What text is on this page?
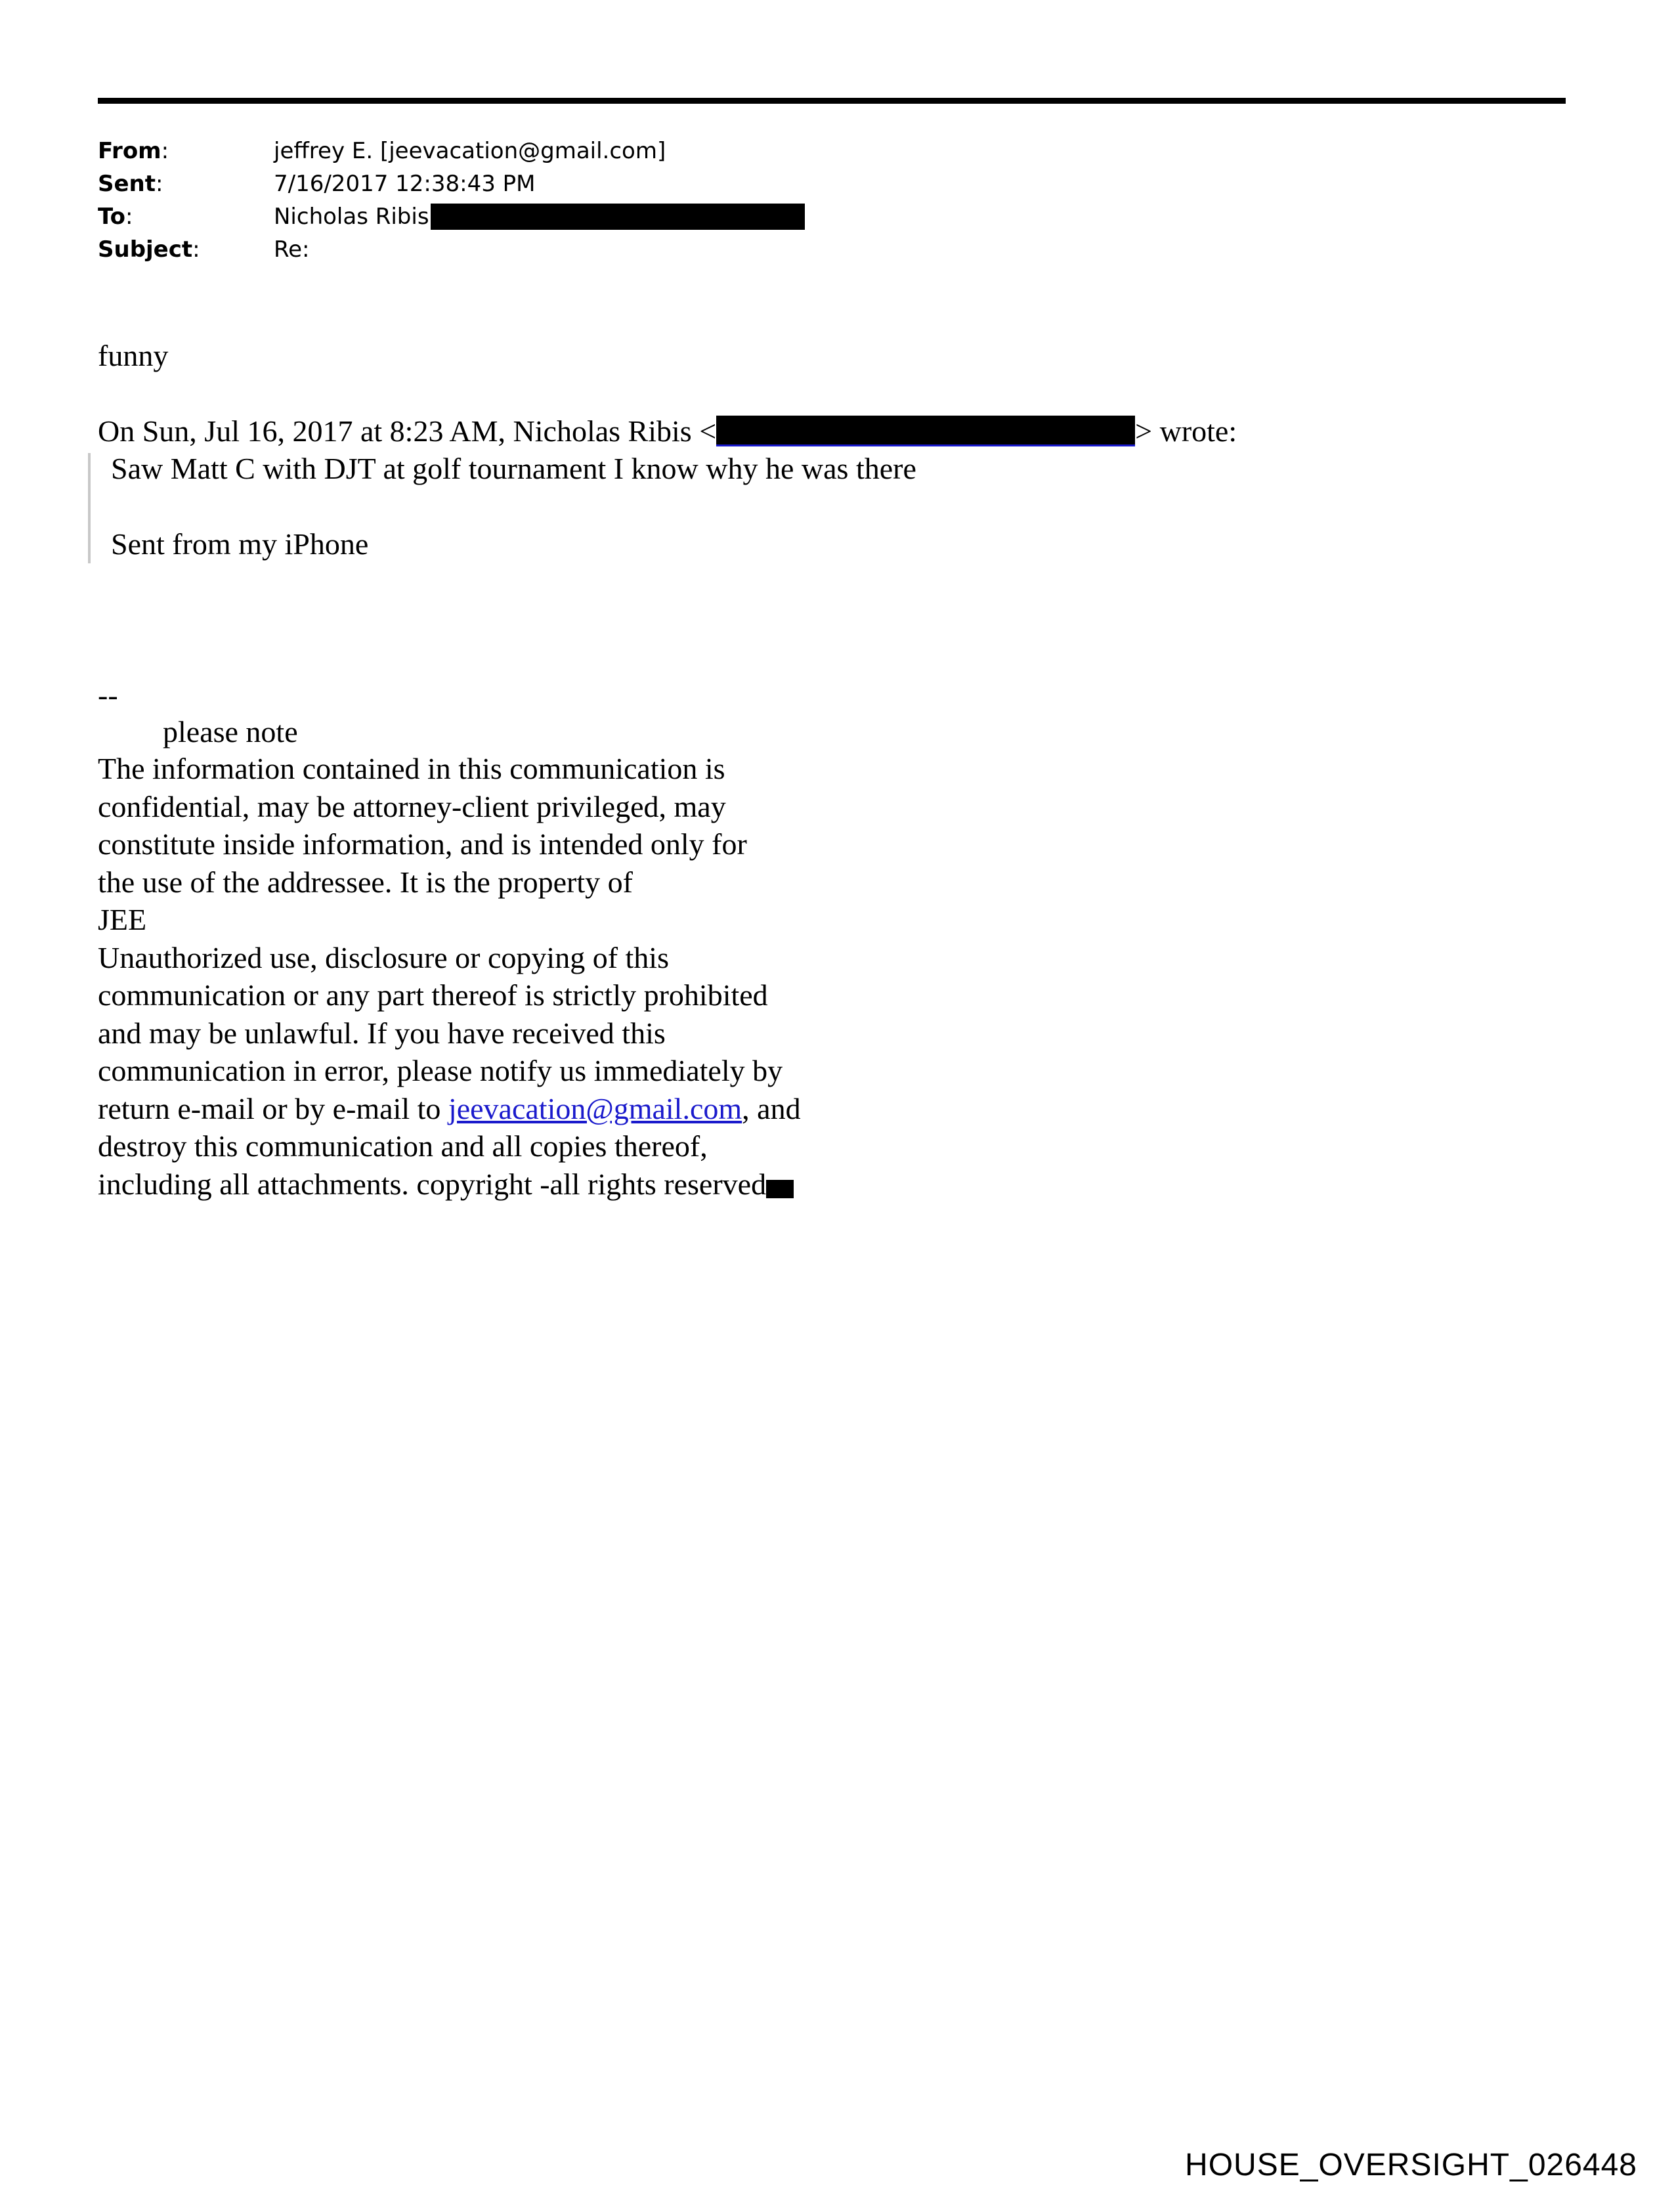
From:	jeffrey E. [jeevacation@gmail.com]
Sent:	7/16/2017 12:38:43 PM
To:	Nicholas Ribis
Subject:	Re:
funny
On Sun, Jul 16, 2017 at 8:23 AM, Nicholas Ribis <	> wrote:
Saw Matt C with DJT at golf tournament I know why he was there
Sent from my iPhone
--
please note
The information contained in this communication is
confidential, may be attorney-client privileged, may
constitute inside information, and is intended only for
the use of the addressee. It is the property of
JEE
Unauthorized use, disclosure or copying of this
communication or any part thereof is strictly prohibited
and may be unlawful. If you have received this
communication in error, please notify us immediately by
return e-mail or by e-mail to jeevacation@gmail.com, and
destroy this communication and all copies thereof,
including all attachments. copyright -all rights reserved
HOUSE_OVERSIGHT_026448
